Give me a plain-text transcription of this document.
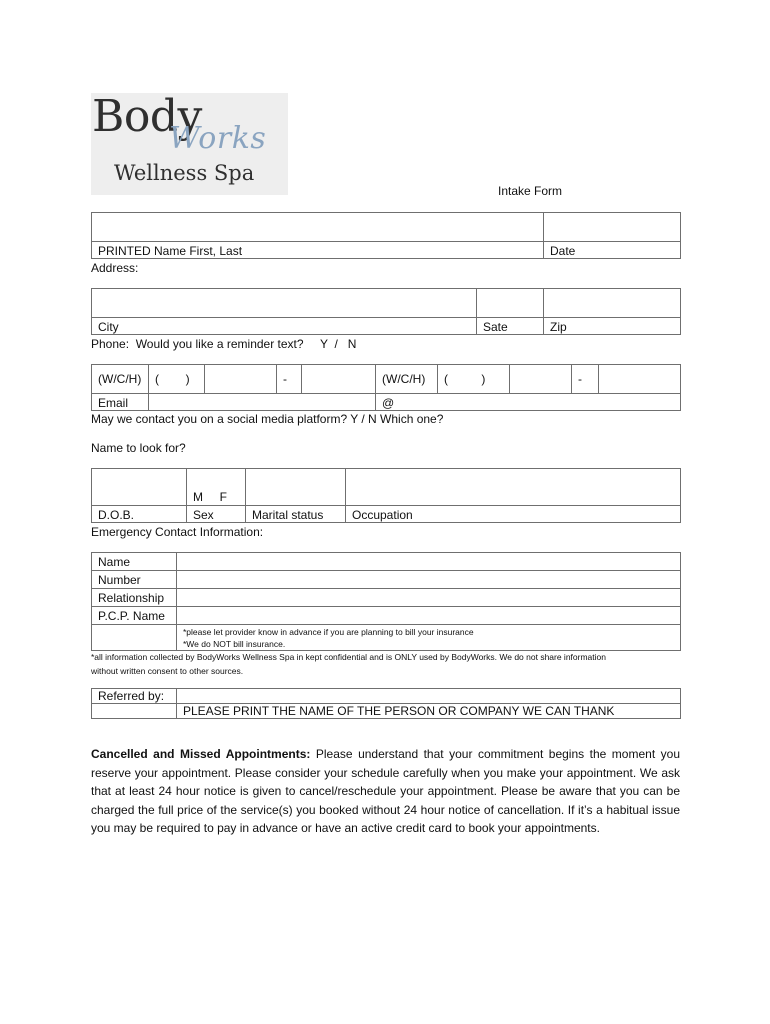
Body
Works
Wellness Spa
Intake Form

PRINTED Name First, Last	Date
Address:

City	Sate	Zip
Phone:  Would you like a reminder text?     Y  /   N
(W/C/H)	(        )		-		(W/C/H)	(          )		-	
Email					@				
May we contact you on a social media platform? Y / N Which one?
Name to look for?
	M     F		
D.O.B.	Sex	Marital status	Occupation
Emergency Contact Information:
Name	
Number	
Relationship	
P.C.P. Name	

	*please let provider know in advance if you are planning to bill your insurance
*We do NOT bill insurance.
*all information collected by BodyWorks Wellness Spa in kept confidential and is ONLY used by BodyWorks. We do not share information
without written consent to other sources.
Referred by:	
	PLEASE PRINT THE NAME OF THE PERSON OR COMPANY WE CAN THANK
Cancelled and Missed Appointments: Please understand that your commitment begins the moment you reserve your appointment. Please consider your schedule carefully when you make your appointment. We ask that at least 24 hour notice is given to cancel/reschedule your appointment. Please be aware that you can be charged the full price of the service(s) you booked without 24 hour notice of cancellation. If it’s a habitual issue you may be required to pay in advance or have an active credit card to book your appointments.
